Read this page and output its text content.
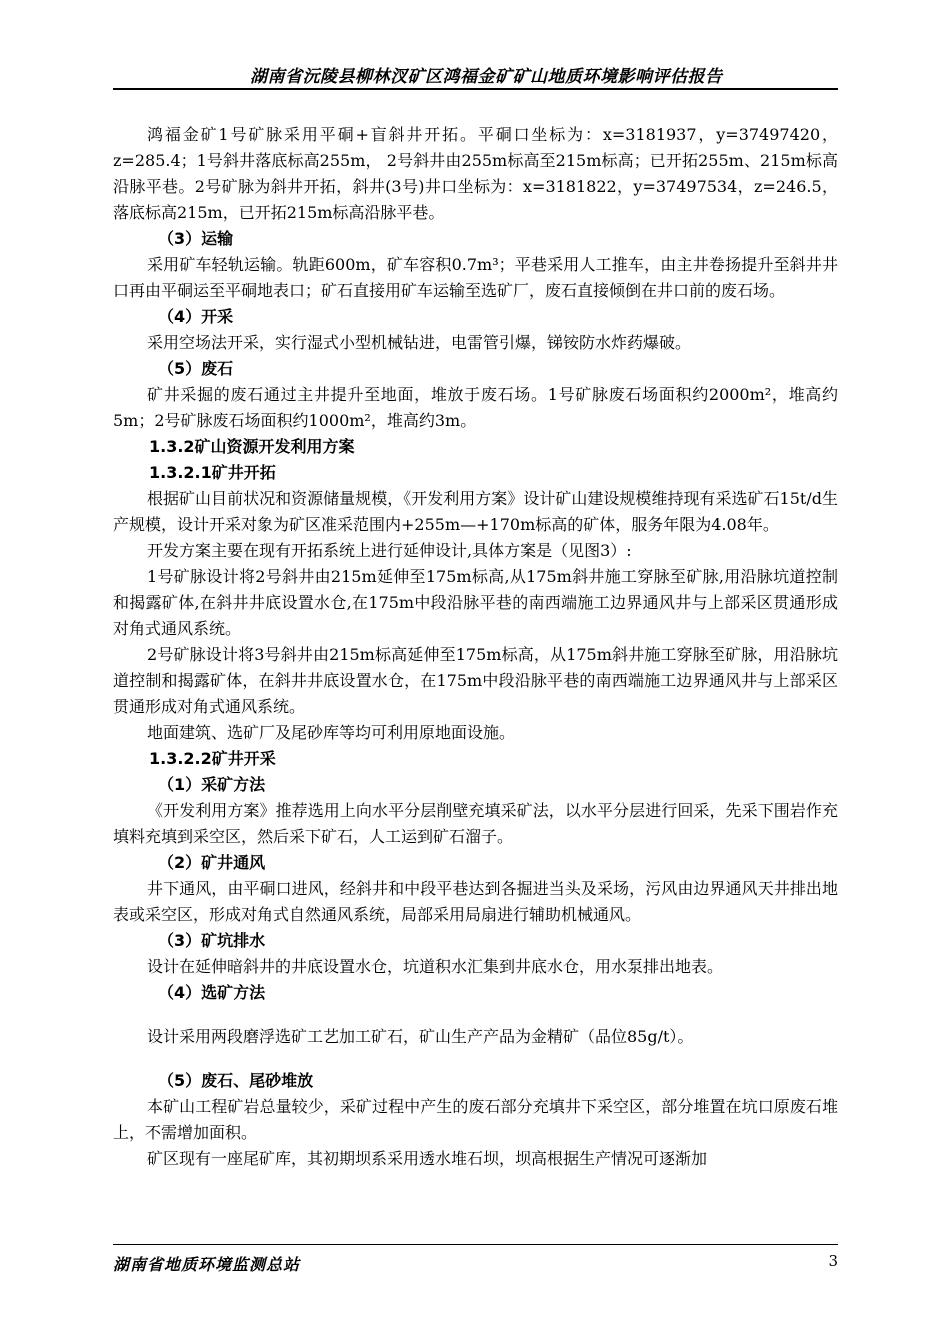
湖南省沅陵县柳林汊矿区鸿福金矿矿山地质环境影响评估报告
鸿福金矿1号矿脉采用平硐+盲斜井开拓。平硐口坐标为：x=3181937，y=37497420，z=285.4；1号斜井落底标高255m， 2号斜井由255m标高至215m标高；已开拓255m、215m标高沿脉平巷。2号矿脉为斜井开拓，斜井(3号)井口坐标为：x=3181822，y=37497534，z=246.5，落底标高215m，已开拓215m标高沿脉平巷。
（3）运输
采用矿车轻轨运输。轨距600m，矿车容积0.7m³；平巷采用人工推车，由主井卷扬提升至斜井井口再由平硐运至平硐地表口；矿石直接用矿车运输至选矿厂，废石直接倾倒在井口前的废石场。
（4）开采
采用空场法开采，实行湿式小型机械钻进，电雷管引爆，锑铵防水炸药爆破。
（5）废石
矿井采掘的废石通过主井提升至地面，堆放于废石场。1号矿脉废石场面积约2000m²，堆高约5m；2号矿脉废石场面积约1000m²，堆高约3m。
1.3.2矿山资源开发利用方案
1.3.2.1矿井开拓
根据矿山目前状况和资源储量规模，《开发利用方案》设计矿山建设规模维持现有采选矿石15t/d生产规模，设计开采对象为矿区准采范围内+255m—+170m标高的矿体，服务年限为4.08年。
开发方案主要在现有开拓系统上进行延伸设计,具体方案是（见图3）:
1号矿脉设计将2号斜井由215m延伸至175m标高,从175m斜井施工穿脉至矿脉,用沿脉坑道控制和揭露矿体,在斜井井底设置水仓,在175m中段沿脉平巷的南西端施工边界通风井与上部采区贯通形成对角式通风系统。
2号矿脉设计将3号斜井由215m标高延伸至175m标高，从175m斜井施工穿脉至矿脉，用沿脉坑道控制和揭露矿体，在斜井井底设置水仓，在175m中段沿脉平巷的南西端施工边界通风井与上部采区贯通形成对角式通风系统。
地面建筑、选矿厂及尾砂库等均可利用原地面设施。
1.3.2.2矿井开采
（1）采矿方法
《开发利用方案》推荐选用上向水平分层削壁充填采矿法，以水平分层进行回采，先采下围岩作充填料充填到采空区，然后采下矿石，人工运到矿石溜子。
（2）矿井通风
井下通风，由平硐口进风，经斜井和中段平巷达到各掘进当头及采场，污风由边界通风天井排出地表或采空区，形成对角式自然通风系统，局部采用局扇进行辅助机械通风。
（3）矿坑排水
设计在延伸暗斜井的井底设置水仓，坑道积水汇集到井底水仓，用水泵排出地表。
（4）选矿方法
设计采用两段磨浮选矿工艺加工矿石，矿山生产产品为金精矿（品位85g/t）。
（5）废石、尾砂堆放
本矿山工程矿岩总量较少，采矿过程中产生的废石部分充填井下采空区，部分堆置在坑口原废石堆上，不需增加面积。
矿区现有一座尾矿库，其初期坝系采用透水堆石坝，坝高根据生产情况可逐渐加
湖南省地质环境监测总站	3
